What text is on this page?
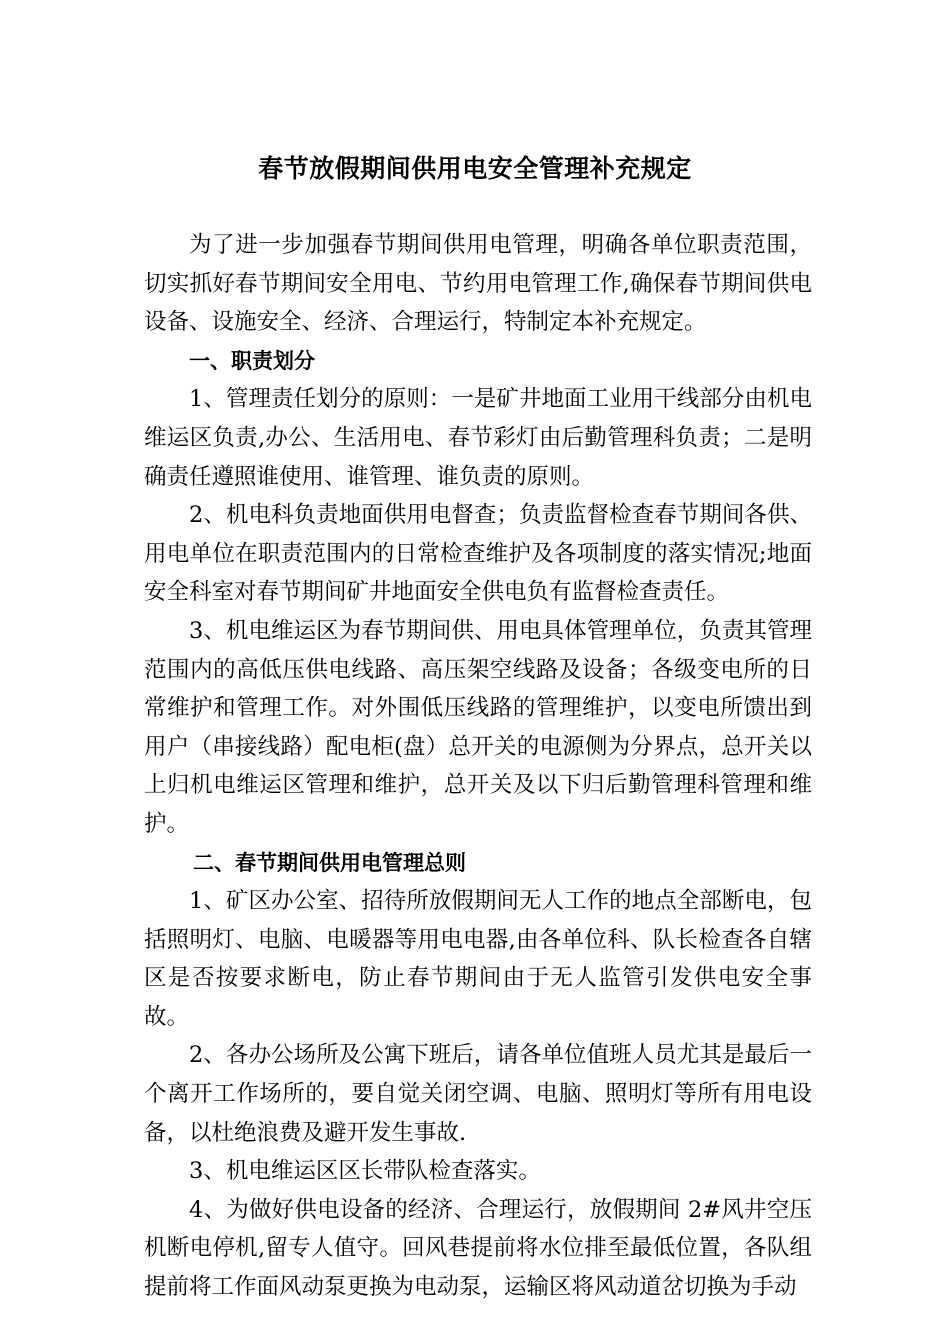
春节放假期间供用电安全管理补充规定

为了进一步加强春节期间供用电管理，明确各单位职责范围，切实抓好春节期间安全用电、节约用电管理工作,确保春节期间供电设备、设施安全、经济、合理运行，特制定本补充规定。

一、职责划分

1、管理责任划分的原则：一是矿井地面工业用干线部分由机电维运区负责,办公、生活用电、春节彩灯由后勤管理科负责；二是明确责任遵照谁使用、谁管理、谁负责的原则。

2、机电科负责地面供用电督查；负责监督检查春节期间各供、用电单位在职责范围内的日常检查维护及各项制度的落实情况;地面安全科室对春节期间矿井地面安全供电负有监督检查责任。

3、机电维运区为春节期间供、用电具体管理单位，负责其管理范围内的高低压供电线路、高压架空线路及设备；各级变电所的日常维护和管理工作。对外围低压线路的管理维护，以变电所馈出到用户（串接线路）配电柜(盘）总开关的电源侧为分界点，总开关以上归机电维运区管理和维护，总开关及以下归后勤管理科管理和维护。

二、春节期间供用电管理总则

1、矿区办公室、招待所放假期间无人工作的地点全部断电，包括照明灯、电脑、电暖器等用电电器,由各单位科、队长检查各自辖区是否按要求断电，防止春节期间由于无人监管引发供电安全事故。

2、各办公场所及公寓下班后，请各单位值班人员尤其是最后一个离开工作场所的，要自觉关闭空调、电脑、照明灯等所有用电设备，以杜绝浪费及避开发生事故.

3、机电维运区区长带队检查落实。

4、为做好供电设备的经济、合理运行，放假期间 2#风井空压机断电停机,留专人值守。回风巷提前将水位排至最低位置，各队组提前将工作面风动泵更换为电动泵，运输区将风动道岔切换为手动
